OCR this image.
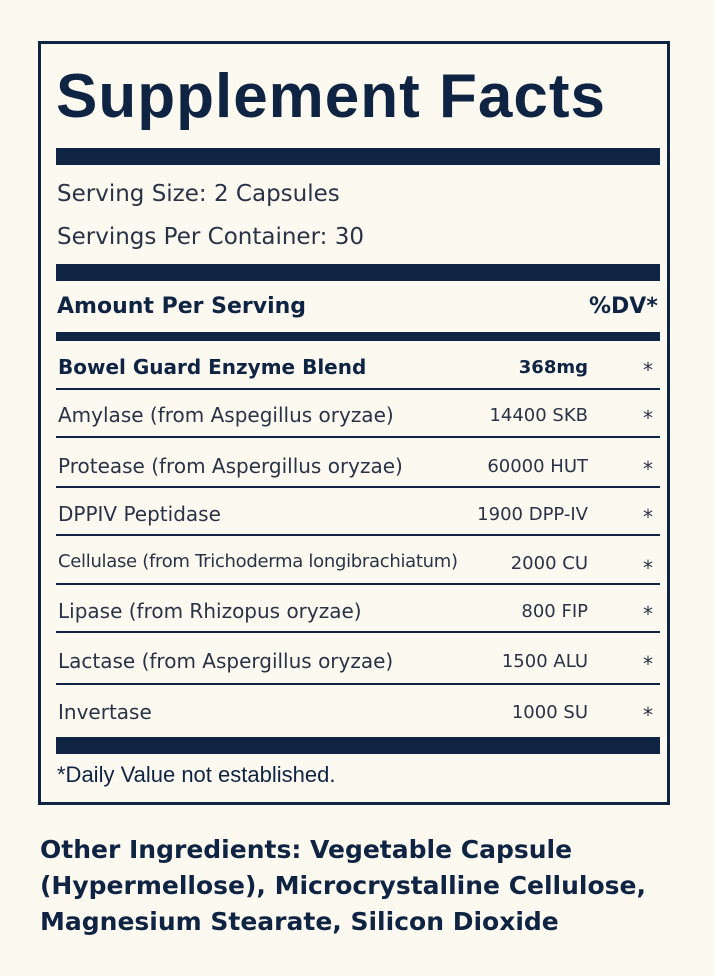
Supplement Facts
Serving Size: 2 Capsules
Servings Per Container: 30
Amount Per Serving	%DV*
Bowel Guard Enzyme Blend	368mg	*
Amylase (from Aspegillus oryzae)	14400 SKB	*
Protease (from Aspergillus oryzae)	60000 HUT	*
DPPIV Peptidase	1900 DPP-IV	*
Cellulase (from Trichoderma longibrachiatum)	2000 CU	*
Lipase (from Rhizopus oryzae)	800 FIP	*
Lactase (from Aspergillus oryzae)	1500 ALU	*
Invertase	1000 SU	*
*Daily Value not established.
Other Ingredients: Vegetable Capsule (Hypermellose), Microcrystalline Cellulose, Magnesium Stearate, Silicon Dioxide
